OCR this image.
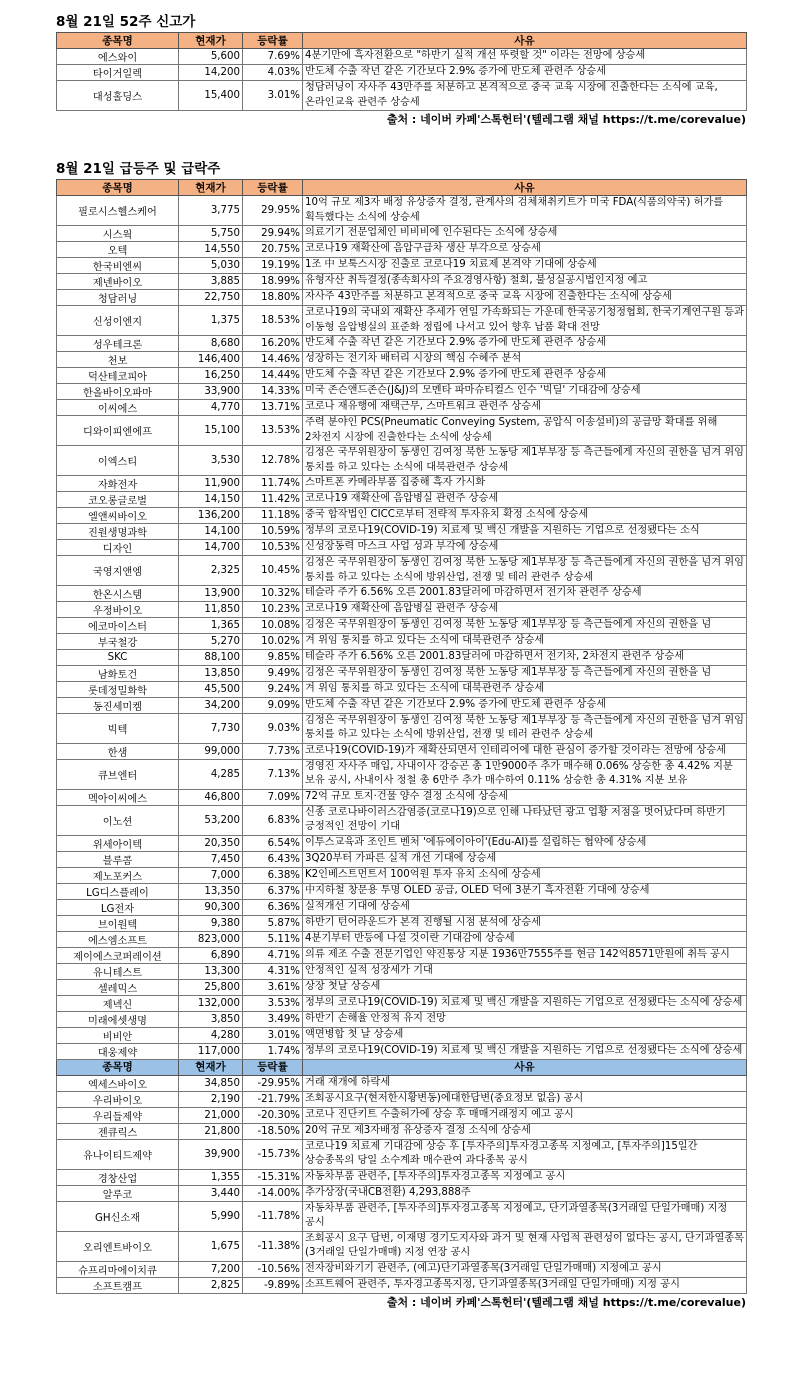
8월 21일 52주 신고가

종목명	현재가	등락률	사유
에스와이	5,600	7.69%	4분기만에 흑자전환으로 "하반기 실적 개선 뚜렷할 것" 이라는 전망에 상승세
타이거일렉	14,200	4.03%	반도체 수출 작년 같은 기간보다 2.9% 증가에 반도체 관련주 상승세
대성홀딩스	15,400	3.01%	청담러닝이 자사주 43만주를 처분하고 본격적으로 중국 교육 시장에 진출한다는 소식에 교육, 온라인교육 관련주 상승세
출처 : 네이버 카페'스톡헌터'(텔레그램 채널 https://t.me/corevalue)

8월 21일 급등주 및 급락주

종목명	현재가	등락률	사유
필로시스헬스케어	3,775	29.95%	10억 규모 제3자 배정 유상증자 결정, 관계사의 검체채취키트가 미국 FDA(식품의약국) 허가를 획득했다는 소식에 상승세
시스웍	5,750	29.94%	의료기기 전문업체인 비비비에 인수된다는 소식에 상승세
오텍	14,550	20.75%	코로나19 재확산에 음압구급차 생산 부각으로 상승세
한국비엔씨	5,030	19.19%	1조 中 보툭스시장 진출로 코로나19 치료제 본격약 기대에 상승세
제넨바이오	3,885	18.99%	유형자산 취득결정(종속회사의 주요경영사항) 철회, 불성실공시법인지정 예고
청담러닝	22,750	18.80%	자사주 43만주를 처분하고 본격적으로 중국 교육 시장에 진출한다는 소식에 상승세
신성이엔지	1,375	18.53%	코로나19의 국내외 재확산 추세가 연일 가속화되는 가운데 한국공기청정협회, 한국기계연구원 등과 이동형 음압병실의 표준화 정립에 나서고 있어 향후 납품 확대 전망
성우테크론	8,680	16.20%	반도체 수출 작년 같은 기간보다 2.9% 증가에 반도체 관련주 상승세
천보	146,400	14.46%	성장하는 전기차 배터리 시장의 핵심 수혜주 분석
덕산테코피아	16,250	14.44%	반도체 수출 작년 같은 기간보다 2.9% 증가에 반도체 관련주 상승세
한올바이오파마	33,900	14.33%	미국 존슨앤드존슨(J&J)의 모멘타 파마슈티컬스 인수 '빅딜' 기대감에 상승세
이씨에스	4,770	13.71%	코로나 재유행에 재택근무, 스마트워크 관련주 상승세
디와이피엔에프	15,100	13.53%	주력 분야인 PCS(Pneumatic Conveying System, 공압식 이송설비)의 공급망 확대를 위해 2차전지 시장에 진출한다는 소식에 상승세
이엑스티	3,530	12.78%	김정은 국무위원장이 동생인 김여정 북한 노동당 제1부부장 등 측근들에게 자신의 권한을 넘겨 위임 통치를 하고 있다는 소식에 대북관련주 상승세
자화전자	11,900	11.74%	스마트폰 카메라부품 집중해 흑자 가시화
코오롱글로벌	14,150	11.42%	코로나19 재확산에 음압병실 관련주 상승세
엘앤씨바이오	136,200	11.18%	중국 합작법인 CICC로부터 전략적 투자유치 확정 소식에 상승세
진원생명과학	14,100	10.59%	정부의 코로나19(COVID-19) 치료제 및 백신 개발을 지원하는 기업으로 선정됐다는 소식
디자인	14,700	10.53%	신성장동력 마스크 사업 성과 부각에 상승세
국영지앤엠	2,325	10.45%	김정은 국무위원장이 동생인 김여정 북한 노동당 제1부부장 등 측근들에게 자신의 권한을 넘겨 위임 통치를 하고 있다는 소식에 방위산업, 전쟁 및 테러 관련주 상승세
한온시스템	13,900	10.32%	테슬라 주가 6.56% 오른 2001.83달러에 마감하면서 전기차 관련주 상승세
우정바이오	11,850	10.23%	코로나19 재확산에 음압병실 관련주 상승세
에코마이스터	1,365	10.08%	김정은 국무위원장이 동생인 김여정 북한 노동당 제1부부장 등 측근들에게 자신의 권한을 넘
부국철강	5,270	10.02%	겨 위임 통치를 하고 있다는 소식에 대북관련주 상승세
SKC	88,100	9.85%	테슬라 주가 6.56% 오른 2001.83달러에 마감하면서 전기차, 2차전지 관련주 상승세
남화토건	13,850	9.49%	김정은 국무위원장이 동생인 김여정 북한 노동당 제1부부장 등 측근들에게 자신의 권한을 넘
롯데정밀화학	45,500	9.24%	겨 위임 통치를 하고 있다는 소식에 대북관련주 상승세
동진세미켐	34,200	9.09%	반도체 수출 작년 같은 기간보다 2.9% 증가에 반도체 관련주 상승세
빅텍	7,730	9.03%	김정은 국무위원장이 동생인 김여정 북한 노동당 제1부부장 등 측근들에게 자신의 권한을 넘겨 위임 통치를 하고 있다는 소식에 방위산업, 전쟁 및 테러 관련주 상승세
한샘	99,000	7.73%	코로나19(COVID-19)가 재확산되면서 인테리어에 대한 관심이 증가할 것이라는 전망에 상승세
큐브엔터	4,285	7.13%	경영진 자사주 매입, 사내이사 강승곤 총 1만9000주 추가 매수해 0.06% 상승한 총 4.42% 지분 보유 공시, 사내이사 정철 총 6만주 추가 매수하여 0.11% 상승한 총 4.31% 지분 보유
멕아이씨에스	46,800	7.09%	72억 규모 토지·건물 양수 결정 소식에 상승세
이노션	53,200	6.83%	신종 코로나바이러스감염증(코로나19)으로 인해 나타났던 광고 업황 저점을 벗어났다며 하반기 긍정적인 전망이 기대
위세아이텍	20,350	6.54%	이투스교육과 조인트 벤처 '에듀에이아이'(Edu-AI)를 설립하는 협약에 상승세
블루콤	7,450	6.43%	3Q20부터 가파른 실적 개선 기대에 상승세
제노포커스	7,000	6.38%	K2인베스트먼트서 100억원 투자 유치 소식에 상승세
LG디스플레이	13,350	6.37%	中지하철 창문용 투명 OLED 공급, OLED 덕에 3분기 흑자전환 기대에 상승세
LG전자	90,300	6.36%	실적개선 기대에 상승세
브이원텍	9,380	5.87%	하반기 턴어라운드가 본격 진행될 시점 분석에 상승세
에스엠소프트	823,000	5.11%	4분기부터 반등에 나설 것이란 기대감에 상승세
제이에스코퍼레이션	6,890	4.71%	의류 제조 수출 전문기업인 약진통상 지분 1936만7555주를 현금 142억8571만원에 취득 공시
유니테스트	13,300	4.31%	안정적인 실적 성장세가 기대
셀레믹스	25,800	3.61%	상장 첫날 상승세
제넥신	132,000	3.53%	정부의 코로나19(COVID-19) 치료제 및 백신 개발을 지원하는 기업으로 선정됐다는 소식에 상승세
미래에셋생명	3,850	3.49%	하반기 손해율 안정적 유지 전망
비비안	4,280	3.01%	액면병합 첫 날 상승세
대웅제약	117,000	1.74%	정부의 코로나19(COVID-19) 치료제 및 백신 개발을 지원하는 기업으로 선정됐다는 소식에 상승세
종목명	현재가	등락률	사유
엑세스바이오	34,850	-29.95%	거래 재개에 하락세
우리바이오	2,190	-21.79%	조회공시요구(현저한시황변동)에대한답변(중요정보 없음) 공시
우리들제약	21,000	-20.30%	코로나 진단키트 수출허가에 상승 후 매매거래정지 예고 공시
젠큐릭스	21,800	-18.50%	20억 규모 제3자배정 유상증자 결정 소식에 상승세
유나이티드제약	39,900	-15.73%	코로나19 치료제 기대감에 상승 후 [투자주의]투자경고종목 지정예고, [투자주의]15일간 상승종목의 당일 소수계좌 매수관여 과다종목 공시
경창산업	1,355	-15.31%	자동차부품 관련주, [투자주의]투자경고종목 지정예고 공시
알루코	3,440	-14.00%	추가상장(국내CB전환) 4,293,888주
GH신소재	5,990	-11.78%	자동차부품 관련주, [투자주의]투자경고종목 지정예고, 단기과열종목(3거래일 단일가매매) 지정 공시
오리엔트바이오	1,675	-11.38%	조회공시 요구 답변, 이재명 경기도지사와 과거 및 현재 사업적 관련성이 없다는 공시, 단기과열종목(3거래일 단일가매매) 지정 연장 공시
슈프리마에이치큐	7,200	-10.56%	전자장비와기기 관련주, (예고)단기과열종목(3거래일 단일가매매) 지정예고 공시
소프트캠프	2,825	-9.89%	소프트웨어 관련주, 투자경고종목지정, 단기과열종목(3거래일 단일가매매) 지정 공시
출처 : 네이버 카페'스톡헌터'(텔레그램 채널 https://t.me/corevalue)
